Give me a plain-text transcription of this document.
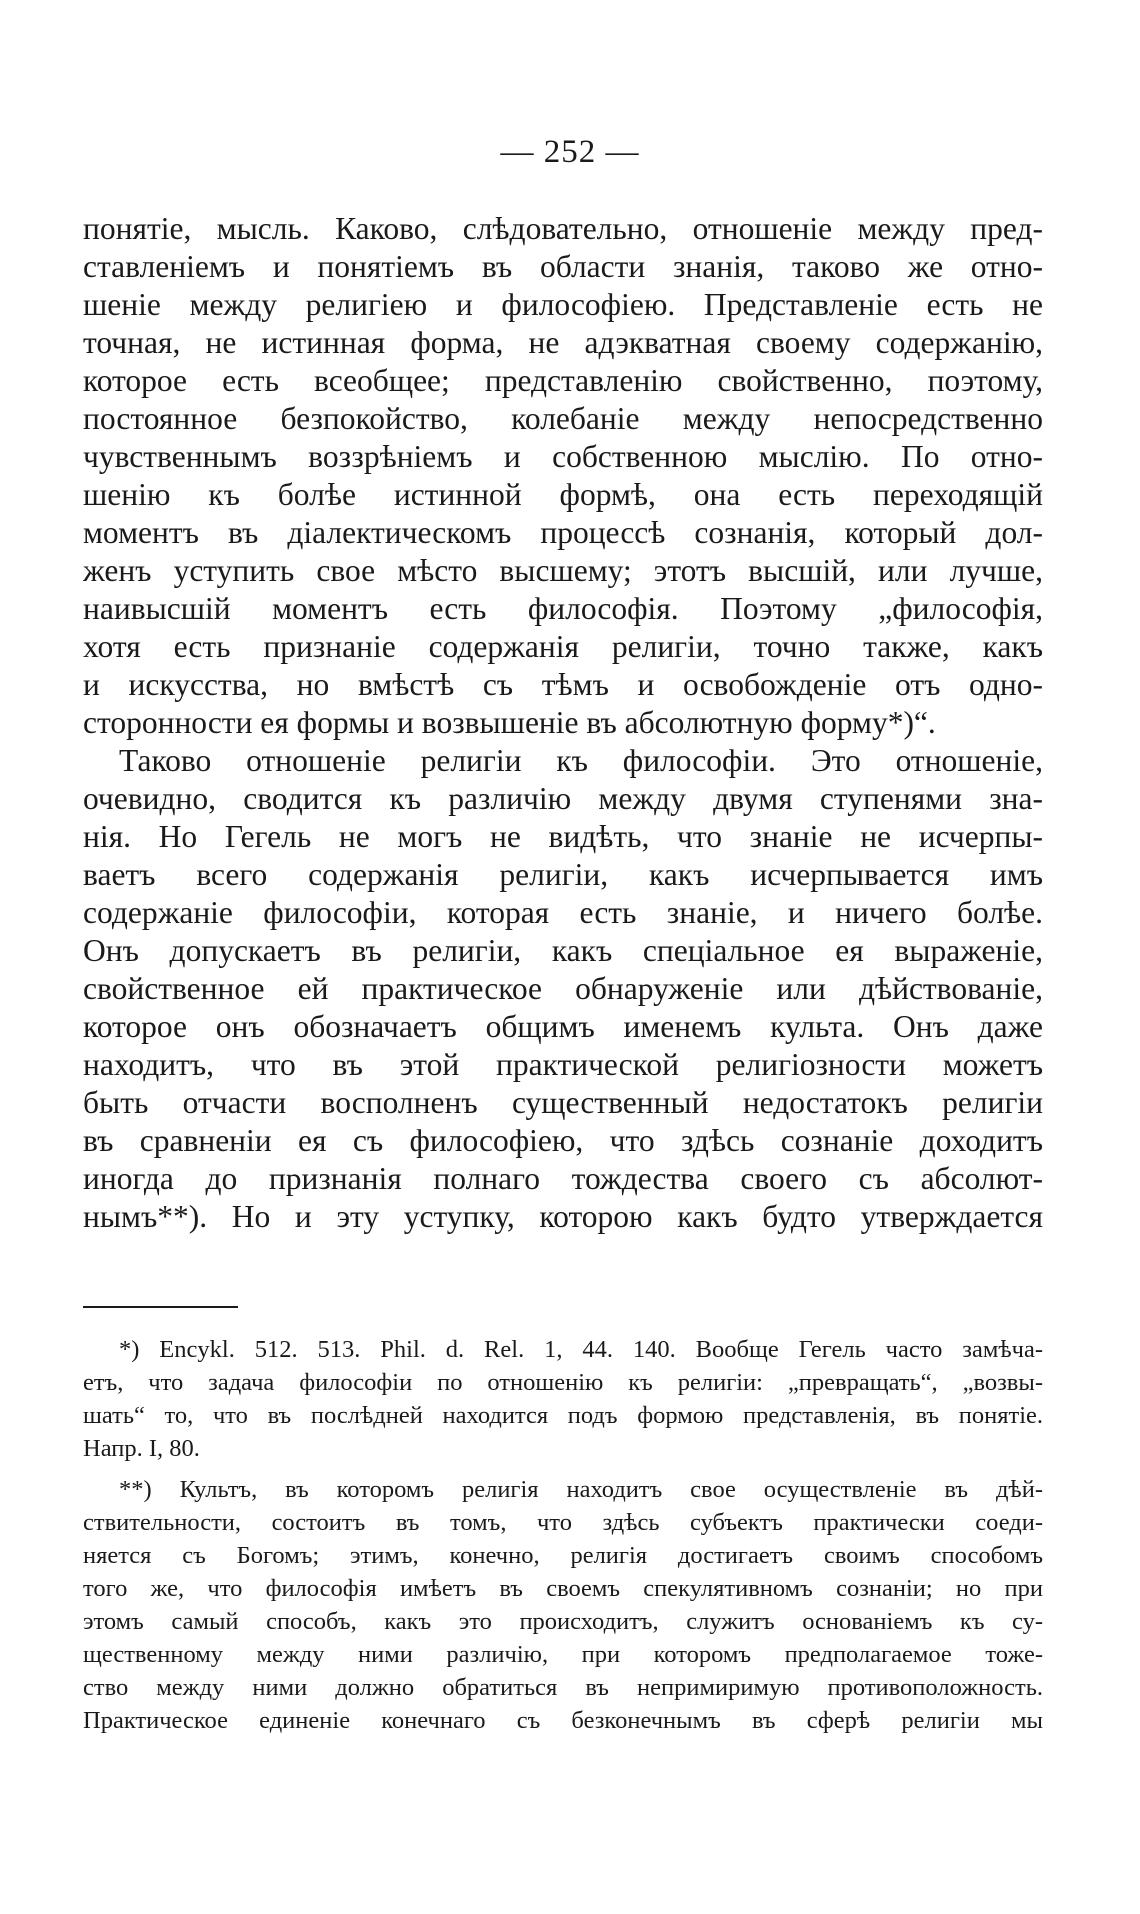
— 252 —
понятіе, мысль. Каково, слѣдовательно, отношеніе между пред-
ставленіемъ и понятіемъ въ области знанія, таково же отно-
шеніе между религіею и философіею. Представленіе есть не
точная, не истинная форма, не адэкватная своему содержанію,
которое есть всеобщее; представленію свойственно, поэтому,
постоянное безпокойство, колебаніе между непосредственно
чувственнымъ воззрѣніемъ и собственною мыслію. По отно-
шенію къ болѣе истинной формѣ, она есть переходящій
моментъ въ діалектическомъ процессѣ сознанія, который дол-
женъ уступить свое мѣсто высшему; этотъ высшій, или лучше,
наивысшій моментъ есть философія. Поэтому „философія,
хотя есть признаніе содержанія религіи, точно также, какъ
и искусства, но вмѣстѣ съ тѣмъ и освобожденіе отъ одно-
сторонности ея формы и возвышеніе въ абсолютную форму*)“.
Таково отношеніе религіи къ философіи. Это отношеніе,
очевидно, сводится къ различію между двумя ступенями зна-
нія. Но Гегель не могъ не видѣть, что знаніе не исчерпы-
ваетъ всего содержанія религіи, какъ исчерпывается имъ
содержаніе философіи, которая есть знаніе, и ничего болѣе.
Онъ допускаетъ въ религіи, какъ спеціальное ея выраженіе,
свойственное ей практическое обнаруженіе или дѣйствованіе,
которое онъ обозначаетъ общимъ именемъ культа. Онъ даже
находитъ, что въ этой практической религіозности можетъ
быть отчасти восполненъ существенный недостатокъ религіи
въ сравненіи ея съ философіею, что здѣсь сознаніе доходитъ
иногда до признанія полнаго тождества своего съ абсолют-
нымъ**). Но и эту уступку, которою какъ будто утверждается
*) Encykl. 512. 513. Phil. d. Rel. 1, 44. 140. Вообще Гегель часто замѣча-
етъ, что задача философіи по отношенію къ религіи: „превращать“, „возвы-
шать“ то, что въ послѣдней находится подъ формою представленія, въ понятіе.
Напр. I, 80.
**) Культъ, въ которомъ религія находитъ свое осуществленіе въ дѣй-
ствительности, состоитъ въ томъ, что здѣсь субъектъ практически соеди-
няется съ Богомъ; этимъ, конечно, религія достигаетъ своимъ способомъ
того же, что философія имѣетъ въ своемъ спекулятивномъ сознаніи; но при
этомъ самый способъ, какъ это происходитъ, служитъ основаніемъ къ су-
щественному между ними различію, при которомъ предполагаемое тоже-
ство между ними должно обратиться въ непримиримую противоположность.
Практическое единеніе конечнаго съ безконечнымъ въ сферѣ религіи мы
